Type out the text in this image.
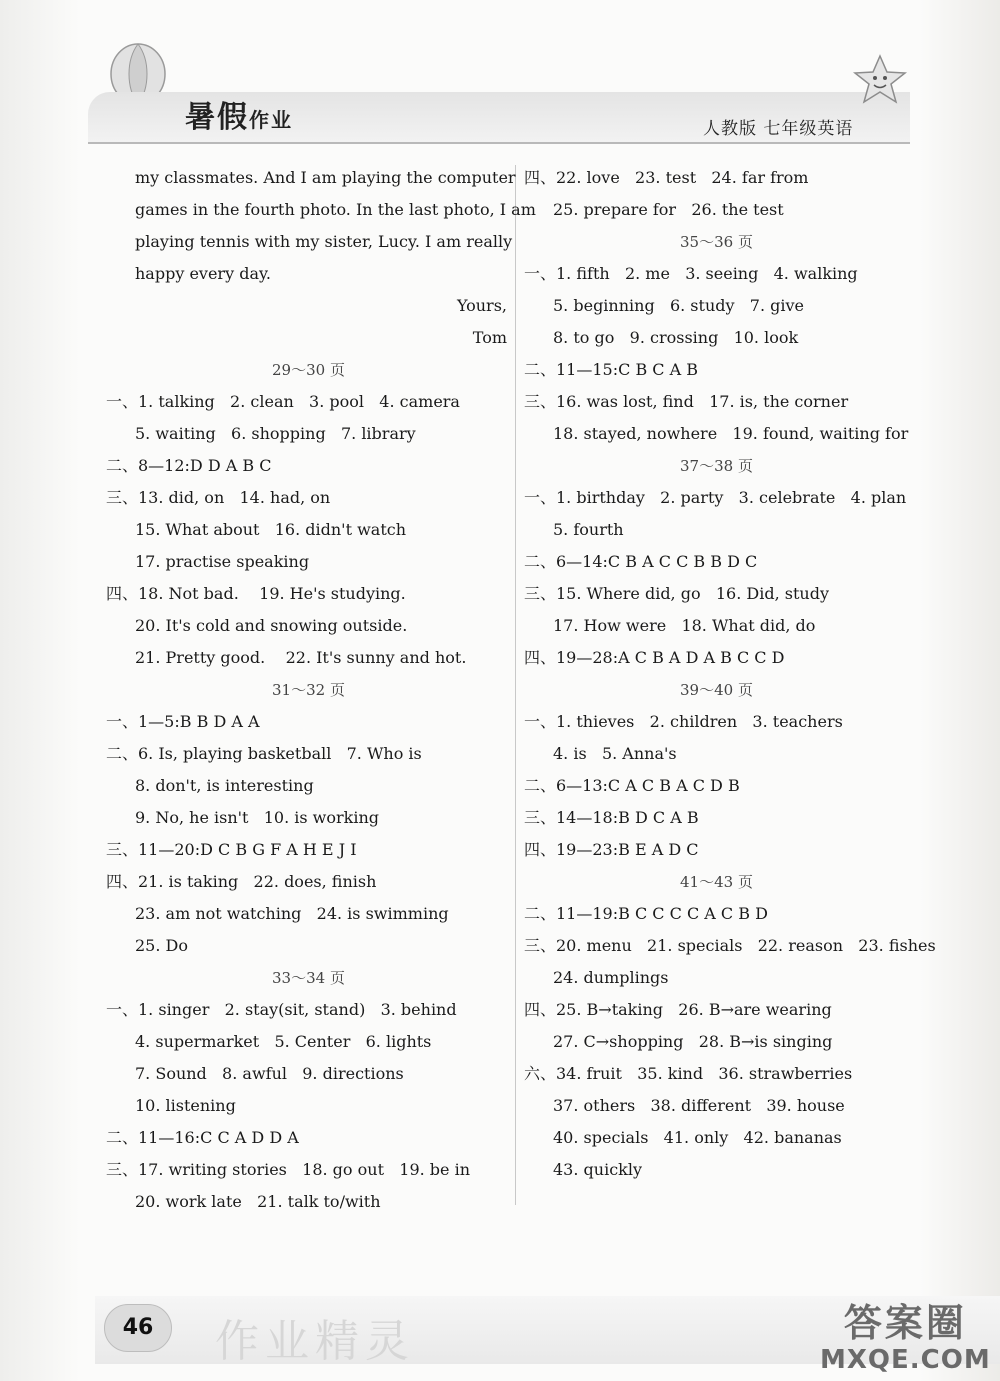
暑假作业	人教版 七年级英语
my classmates. And I am playing the computer
games in the fourth photo. In the last photo, I am
playing tennis with my sister, Lucy. I am really
happy every day.
Yours,
Tom
29～30 页
一、1. talking   2. clean   3. pool   4. camera
5. waiting   6. shopping   7. library
二、8—12:D D A B C
三、13. did, on   14. had, on
15. What about   16. didn't watch
17. practise speaking
四、18. Not bad.    19. He's studying.
20. It's cold and snowing outside.
21. Pretty good.    22. It's sunny and hot.
31～32 页
一、1—5:B B D A A
二、6. Is, playing basketball   7. Who is
8. don't, is interesting
9. No, he isn't   10. is working
三、11—20:D C B G F A H E J I
四、21. is taking   22. does, finish
23. am not watching   24. is swimming
25. Do
33～34 页
一、1. singer   2. stay(sit, stand)   3. behind
4. supermarket   5. Center   6. lights
7. Sound   8. awful   9. directions
10. listening
二、11—16:C C A D D A
三、17. writing stories   18. go out   19. be in
20. work late   21. talk to/with
四、22. love   23. test   24. far from
25. prepare for   26. the test
35～36 页
一、1. fifth   2. me   3. seeing   4. walking
5. beginning   6. study   7. give
8. to go   9. crossing   10. look
二、11—15:C B C A B
三、16. was lost, find   17. is, the corner
18. stayed, nowhere   19. found, waiting for
37～38 页
一、1. birthday   2. party   3. celebrate   4. plan
5. fourth
二、6—14:C B A C C B B D C
三、15. Where did, go   16. Did, study
17. How were   18. What did, do
四、19—28:A C B A D A B C C D
39～40 页
一、1. thieves   2. children   3. teachers
4. is   5. Anna's
二、6—13:C A C B A C D B
三、14—18:B D C A B
四、19—23:B E A D C
41～43 页
二、11—19:B C C C C A C B D
三、20. menu   21. specials   22. reason   23. fishes
24. dumplings
四、25. B→taking   26. B→are wearing
27. C→shopping   28. B→is singing
六、34. fruit   35. kind   36. strawberries
37. others   38. different   39. house
40. specials   41. only   42. bananas
43. quickly
46	作业精灵	答案圈
MXQE.COM
